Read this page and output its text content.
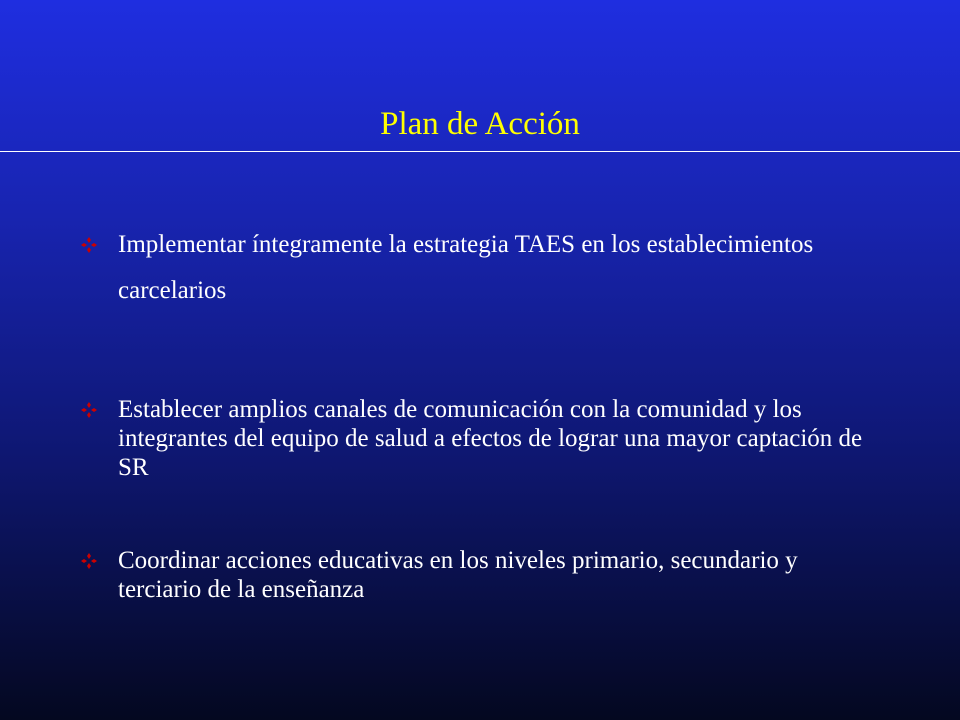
Plan de Acción

Implementar íntegramente la estrategia TAES en los establecimientos carcelarios

Establecer amplios canales de comunicación con la comunidad y los integrantes del equipo de salud a efectos de lograr una mayor captación de SR

Coordinar acciones educativas en los niveles primario, secundario y terciario de la enseñanza
